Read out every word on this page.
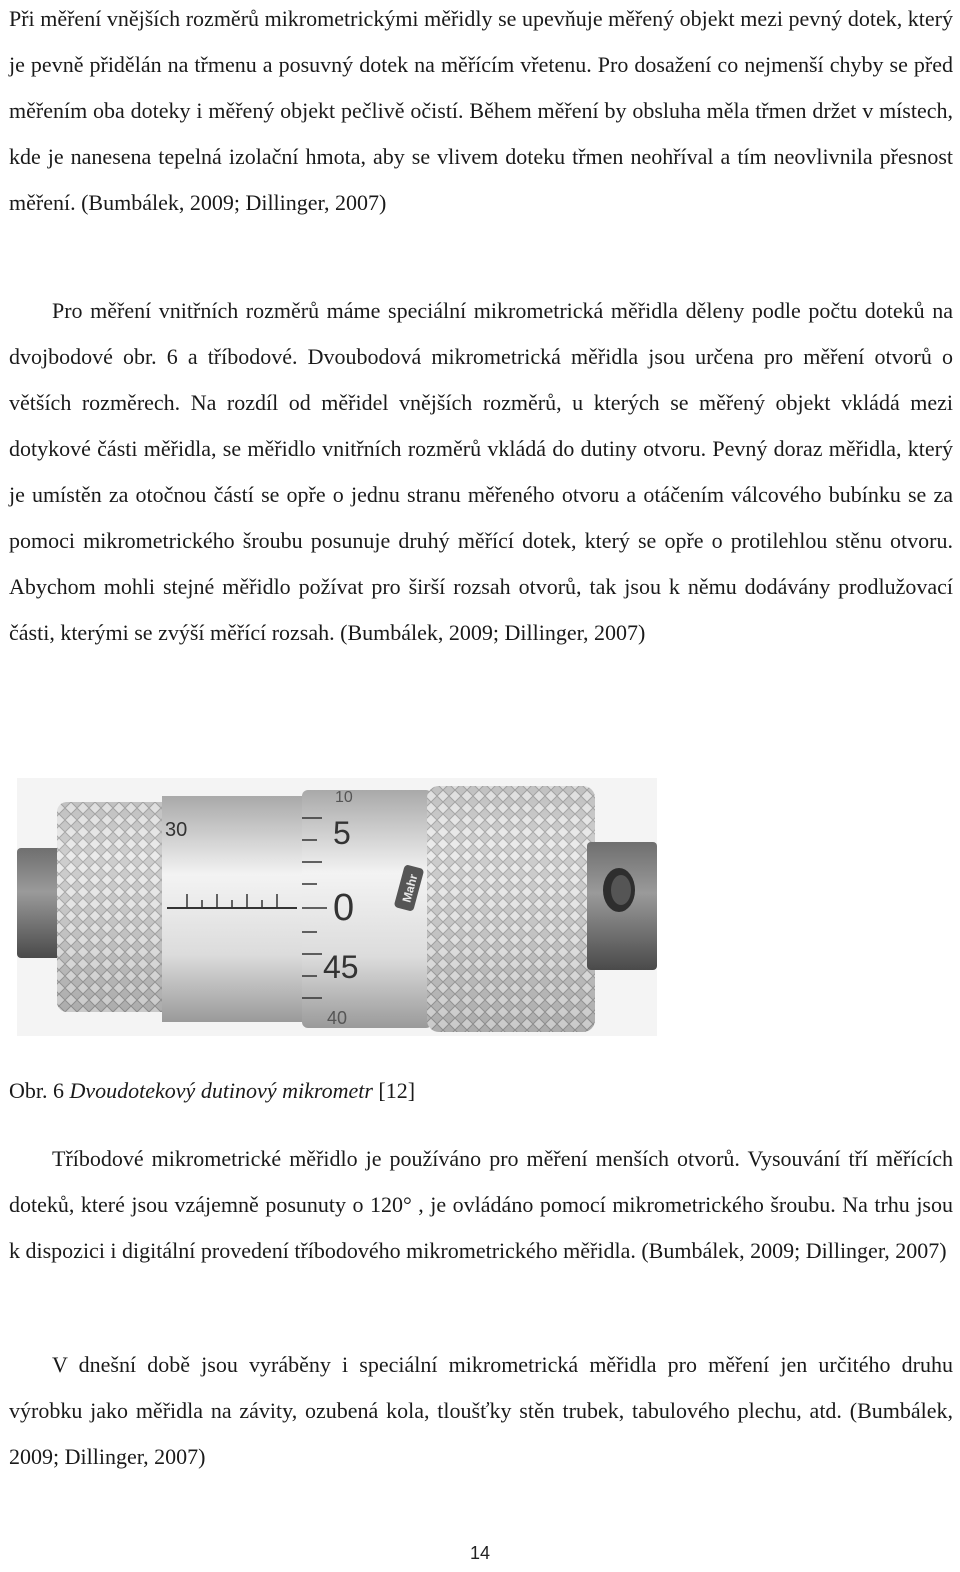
Při měření vnějších rozměrů mikrometrickými měřidly se upevňuje měřený objekt mezi pevný dotek, který je pevně přidělán na třmenu a posuvný dotek na měřícím vřetenu. Pro dosažení co nejmenší chyby se před měřením oba doteky i měřený objekt pečlivě očistí. Během měření by obsluha měla třmen držet v místech, kde je nanesena tepelná izolační hmota, aby se vlivem doteku třmen neohříval a tím neovlivnila přesnost měření. (Bumbálek, 2009; Dillinger, 2007)

Pro měření vnitřních rozměrů máme speciální mikrometrická měřidla děleny podle počtu doteků na dvojbodové obr. 6 a tříbodové. Dvoubodová mikrometrická měřidla jsou určena pro měření otvorů o větších rozměrech. Na rozdíl od měřidel vnějších rozměrů, u kterých se měřený objekt vkládá mezi dotykové části měřidla, se měřidlo vnitřních rozměrů vkládá do dutiny otvoru. Pevný doraz měřidla, který je umístěn za otočnou částí se opře o jednu stranu měřeného otvoru a otáčením válcového bubínku se za pomoci mikrometrického šroubu posunuje druhý měřící dotek, který se opře o protilehlou stěnu otvoru. Abychom mohli stejné měřidlo požívat pro širší rozsah otvorů, tak jsou k němu dodávány prodlužovací části, kterými se zvýší měřící rozsah. (Bumbálek, 2009; Dillinger, 2007)

30
10
5
0
45
40
Mahr

Obr. 6 Dvoudotekový dutinový mikrometr [12]

Tříbodové mikrometrické měřidlo je používáno pro měření menších otvorů. Vysouvání tří měřících doteků, které jsou vzájemně posunuty o 120° , je ovládáno pomocí mikrometrického šroubu. Na trhu jsou k dispozici i digitální provedení tříbodového mikrometrického měřidla. (Bumbálek, 2009; Dillinger, 2007)

V dnešní době jsou vyráběny i speciální mikrometrická měřidla pro měření jen určitého druhu výrobku jako měřidla na závity, ozubená kola, tloušťky stěn trubek, tabulového plechu, atd. (Bumbálek, 2009; Dillinger, 2007)

14
